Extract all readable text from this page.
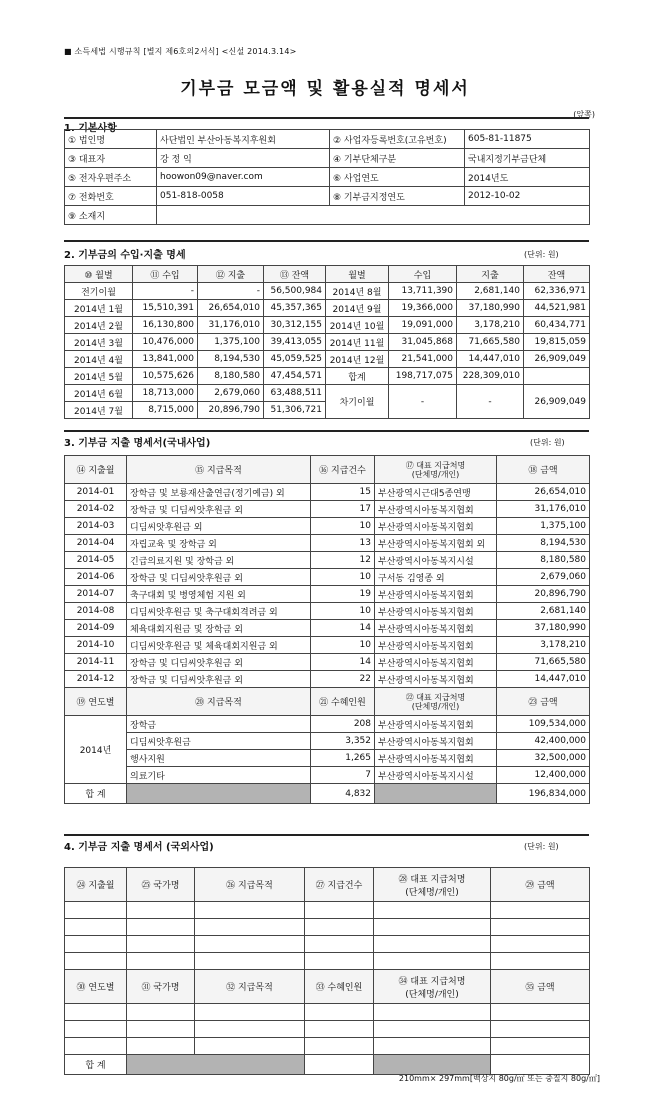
■ 소득세법 시행규칙 [별지 제6호의2서식] <신설 2014.3.14>
기부금 모금액 및 활용실적 명세서
(앞쪽)
1. 기본사항
① 법인명	사단법인 부산아동복지후원회	② 사업자등록번호(고유번호)	605-81-11875
③ 대표자	강 정 익	④ 기부단체구분	국내지정기부금단체
⑤ 전자우편주소	hoowon09@naver.com	⑥ 사업연도	2014년도
⑦ 전화번호	051-818-0058	⑧ 기부금지정연도	2012-10-02
⑨ 소재지			
2. 기부금의 수입·지출 명세	(단위: 원)
⑩ 월별	⑪ 수입	⑫ 지출	⑬ 잔액	월별	수입	지출	잔액
전기이월	-	-	56,500,984	2014년 8월	13,711,390	2,681,140	62,336,971
2014년 1월	15,510,391	26,654,010	45,357,365	2014년 9월	19,366,000	37,180,990	44,521,981
2014년 2월	16,130,800	31,176,010	30,312,155	2014년 10월	19,091,000	3,178,210	60,434,771
2014년 3월	10,476,000	1,375,100	39,413,055	2014년 11월	31,045,868	71,665,580	19,815,059
2014년 4월	13,841,000	8,194,530	45,059,525	2014년 12월	21,541,000	14,447,010	26,909,049
2014년 5월	10,575,626	8,180,580	47,454,571	합계	198,717,075	228,309,010	
2014년 6월	18,713,000	2,679,060	63,488,511	차기이월	-	-	26,909,049
2014년 7월	8,715,000	20,896,790	51,306,721				
3. 기부금 지출 명세서(국내사업)	(단위: 원)
⑭ 지출월	⑮ 지급목적	⑯ 지급건수	⑰ 대표 지급처명
(단체명/개인)	⑱ 금액
2014-01	장학금 및 보룡재산출연금(정기예금) 외	15	부산광역시근대5종연맹	26,654,010
2014-02	장학금 및 디딤씨앗후원금 외	17	부산광역시아동복지협회	31,176,010
2014-03	디딤씨앗후원금 외	10	부산광역시아동복지협회	1,375,100
2014-04	자립교육 및 장학금 외	13	부산광역시아동복지협회 외	8,194,530
2014-05	긴급의료지원 및 장학금 외	12	부산광역시아동복지시설	8,180,580
2014-06	장학금 및 디딤씨앗후원금 외	10	구서동 김영종 외	2,679,060
2014-07	축구대회 및 병영체험 지원 외	19	부산광역시아동복지협회	20,896,790
2014-08	디딤씨앗후원금 및 축구대회격려금 외	10	부산광역시아동복지협회	2,681,140
2014-09	체육대회지원금 및 장학금 외	14	부산광역시아동복지협회	37,180,990
2014-10	디딤씨앗후원금 및 체육대회지원금 외	10	부산광역시아동복지협회	3,178,210
2014-11	장학금 및 디딤씨앗후원금 외	14	부산광역시아동복지협회	71,665,580
2014-12	장학금 및 디딤씨앗후원금 외	22	부산광역시아동복지협회	14,447,010
⑲ 연도별	⑳ 지급목적	㉑ 수혜인원	㉒ 대표 지급처명
(단체명/개인)	㉓ 금액
2014년	장학금	208	부산광역시아동복지협회	109,534,000
	디딤씨앗후원금	3,352	부산광역시아동복지협회	42,400,000
	행사지원	1,265	부산광역시아동복지협회	32,500,000
	의료기타	7	부산광역시아동복지시설	12,400,000
합 계		4,832		196,834,000
4. 기부금 지출 명세서 (국외사업)	(단위: 원)
㉔ 지출월	㉕ 국가명	㉖ 지급목적	㉗ 지급건수	㉘ 대표 지급처명
(단체명/개인)	㉙ 금액

㉚ 연도별	㉛ 국가명	㉜ 지급목적	㉝ 수혜인원	㉞ 대표 지급처명
(단체명/개인)	㉟ 금액

합 계					
210mm× 297mm[백상지 80g/㎡ 또는 중질지 80g/㎡]
